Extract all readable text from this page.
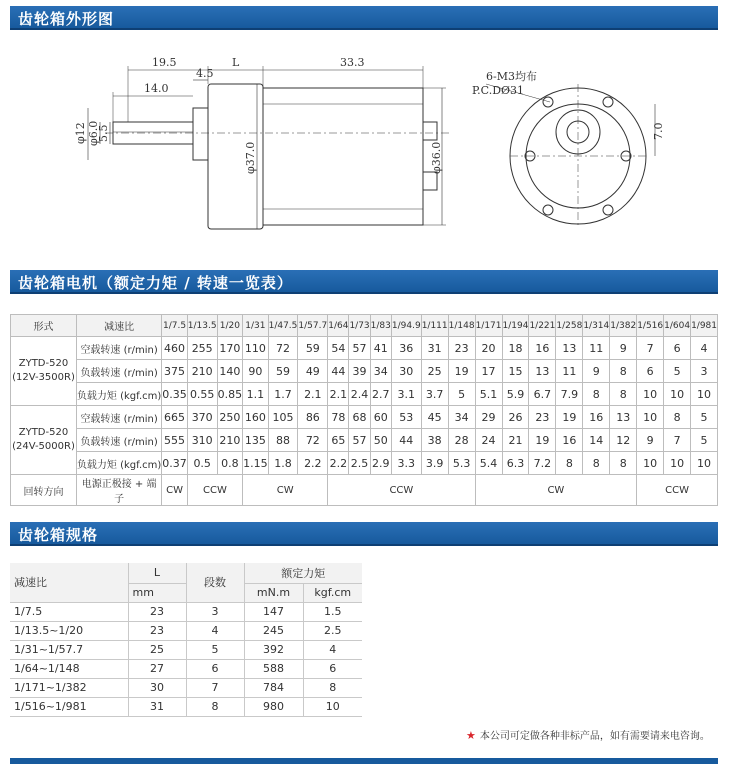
齿轮箱外形图
19.5
4.5
L	33.3
14.0
φ12 φ6.0
5.5
φ37.0	φ36.0
6-M3均布
P.C.DØ31
7.0
齿轮箱电机（额定力矩 / 转速一览表）
形式	减速比	1/7.5	1/13.5	1/20	1/31	1/47.5	1/57.7	1/64	1/73	1/83	1/94.9	1/111	1/148	1/171	1/194	1/221	1/258	1/314	1/382	1/516	1/604	1/981
ZYTD-520
(12V-3500R)	空载转速 (r/min)	460	255	170	110	72	59	54	57	41	36	31	23	20	18	16	13	11	9	7	6	4
	负载转速 (r/min)	375	210	140	90	59	49	44	39	34	30	25	19	17	15	13	11	9	8	6	5	3
	负载力矩 (kgf.cm)	0.35	0.55	0.85	1.1	1.7	2.1	2.1	2.4	2.7	3.1	3.7	5	5.1	5.9	6.7	7.9	8	8	10	10	10
ZYTD-520
(24V-5000R)	空载转速 (r/min)	665	370	250	160	105	86	78	68	60	53	45	34	29	26	23	19	16	13	10	8	5
	负载转速 (r/min)	555	310	210	135	88	72	65	57	50	44	38	28	24	21	19	16	14	12	9	7	5
	负载力矩 (kgf.cm)	0.37	0.5	0.8	1.15	1.8	2.2	2.2	2.5	2.9	3.3	3.9	5.3	5.4	6.3	7.2	8	8	8	10	10	10
回转方向	电源正极接 + 端子	CW	CCW		CW			CCW						CW						CCW		
齿轮箱规格
减速比	L	段数	额定力矩	
	mm		mN.m	kgf.cm
1/7.5	23	3	147	1.5
1/13.5~1/20	23	4	245	2.5
1/31~1/57.7	25	5	392	4
1/64~1/148	27	6	588	6
1/171~1/382	30	7	784	8
1/516~1/981	31	8	980	10
★ 本公司可定做各种非标产品，如有需要请来电咨询。
